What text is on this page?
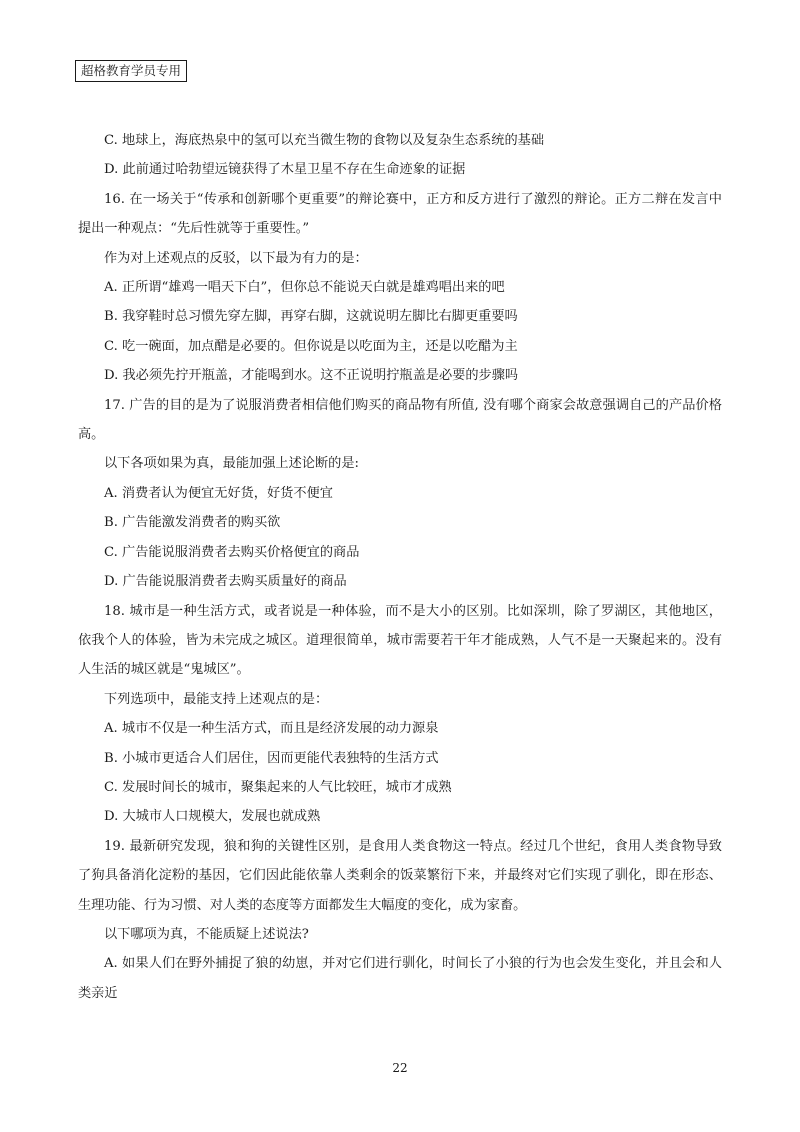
超格教育学员专用

C. 地球上，海底热泉中的氢可以充当微生物的食物以及复杂生态系统的基础

D. 此前通过哈勃望远镜获得了木星卫星不存在生命迹象的证据

16. 在一场关于“传承和创新哪个更重要”的辩论赛中，正方和反方进行了激烈的辩论。正方二辩在发言中提出一种观点：“先后性就等于重要性。”

作为对上述观点的反驳，以下最为有力的是：

A. 正所谓“雄鸡一唱天下白”，但你总不能说天白就是雄鸡唱出来的吧

B. 我穿鞋时总习惯先穿左脚，再穿右脚，这就说明左脚比右脚更重要吗

C. 吃一碗面，加点醋是必要的。但你说是以吃面为主，还是以吃醋为主

D. 我必须先拧开瓶盖，才能喝到水。这不正说明拧瓶盖是必要的步骤吗

17. 广告的目的是为了说服消费者相信他们购买的商品物有所值, 没有哪个商家会故意强调自己的产品价格高。

以下各项如果为真，最能加强上述论断的是:

A. 消费者认为便宜无好货，好货不便宜

B. 广告能激发消费者的购买欲

C. 广告能说服消费者去购买价格便宜的商品

D. 广告能说服消费者去购买质量好的商品

18. 城市是一种生活方式，或者说是一种体验，而不是大小的区别。比如深圳，除了罗湖区，其他地区，依我个人的体验，皆为未完成之城区。道理很简单，城市需要若干年才能成熟，人气不是一天聚起来的。没有人生活的城区就是“鬼城区”。

下列选项中，最能支持上述观点的是：

A. 城市不仅是一种生活方式，而且是经济发展的动力源泉

B. 小城市更适合人们居住，因而更能代表独特的生活方式

C. 发展时间长的城市，聚集起来的人气比较旺，城市才成熟

D. 大城市人口规模大，发展也就成熟

19. 最新研究发现，狼和狗的关键性区别，是食用人类食物这一特点。经过几个世纪，食用人类食物导致了狗具备消化淀粉的基因，它们因此能依靠人类剩余的饭菜繁衍下来，并最终对它们实现了驯化，即在形态、生理功能、行为习惯、对人类的态度等方面都发生大幅度的变化，成为家畜。

以下哪项为真，不能质疑上述说法?

A. 如果人们在野外捕捉了狼的幼崽，并对它们进行驯化，时间长了小狼的行为也会发生变化，并且会和人类亲近

22
